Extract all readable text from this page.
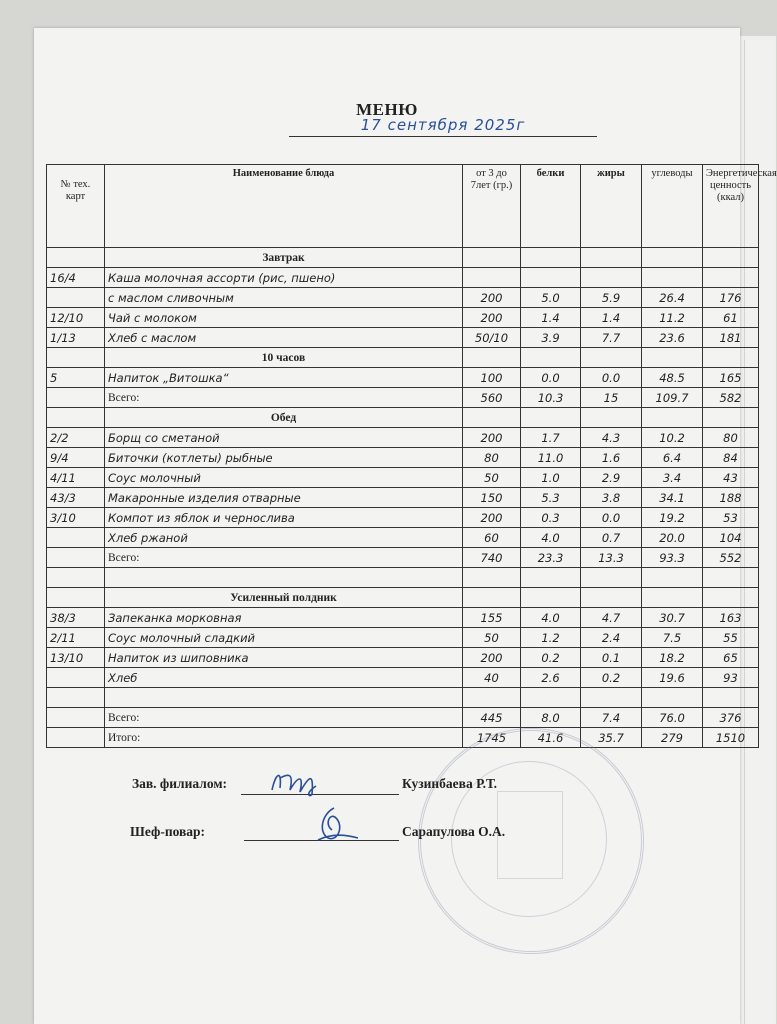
МЕНЮ
17 сентября 2025г
№ тех. карт	Наименование блюда	от 3 до 7лет (гр.)	белки	жиры	углеводы	Энергетическая ценность (ккал)
	Завтрак					
16/4	Каша молочная ассорти (рис, пшено)					
	с маслом сливочным	200	5.0	5.9	26.4	176
12/10	Чай с молоком	200	1.4	1.4	11.2	61
1/13	Хлеб с маслом	50/10	3.9	7.7	23.6	181
	10 часов					
5	Напиток „Витошка“	100	0.0	0.0	48.5	165
	Всего:	560	10.3	15	109.7	582
	Обед					
2/2	Борщ со сметаной	200	1.7	4.3	10.2	80
9/4	Биточки (котлеты) рыбные	80	11.0	1.6	6.4	84
4/11	Соус молочный	50	1.0	2.9	3.4	43
43/3	Макаронные изделия отварные	150	5.3	3.8	34.1	188
3/10	Компот из яблок и чернослива	200	0.3	0.0	19.2	53
	Хлеб ржаной	60	4.0	0.7	20.0	104
	Всего:	740	23.3	13.3	93.3	552

	Усиленный полдник					
38/3	Запеканка морковная	155	4.0	4.7	30.7	163
2/11	Соус молочный сладкий	50	1.2	2.4	7.5	55
13/10	Напиток из шиповника	200	0.2	0.1	18.2	65
	Хлеб	40	2.6	0.2	19.6	93

	Всего:	445	8.0	7.4	76.0	376
	Итого:	1745	41.6	35.7	279	1510
Зав. филиалом:	Кузинбаева Р.Т.
Шеф-повар:	Сарапулова О.А.
